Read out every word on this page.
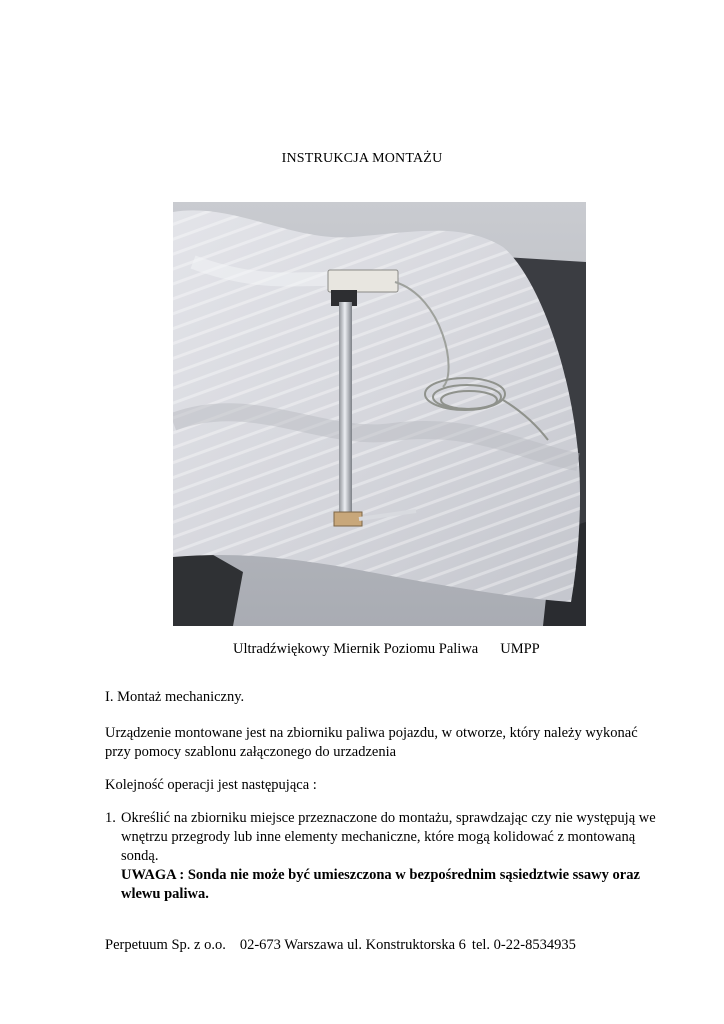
INSTRUKCJA MONTAŻU
Ultradźwiękowy Miernik Poziomu Paliwa UMPP
I. Montaż mechaniczny.
Urządzenie montowane jest na zbiorniku paliwa pojazdu, w otworze, który należy wykonać przy pomocy szablonu załączonego do urzadzenia
Kolejność operacji jest następująca :
1. Określić na zbiorniku miejsce przeznaczone do montażu, sprawdzając czy nie występują we wnętrzu przegrody lub inne elementy mechaniczne, które mogą kolidować z montowaną sondą.
UWAGA : Sonda nie może być umieszczona w bezpośrednim sąsiedztwie ssawy oraz wlewu paliwa.
Perpetuum Sp. z o.o. 02-673 Warszawa ul. Konstruktorska 6 tel. 0-22-8534935
